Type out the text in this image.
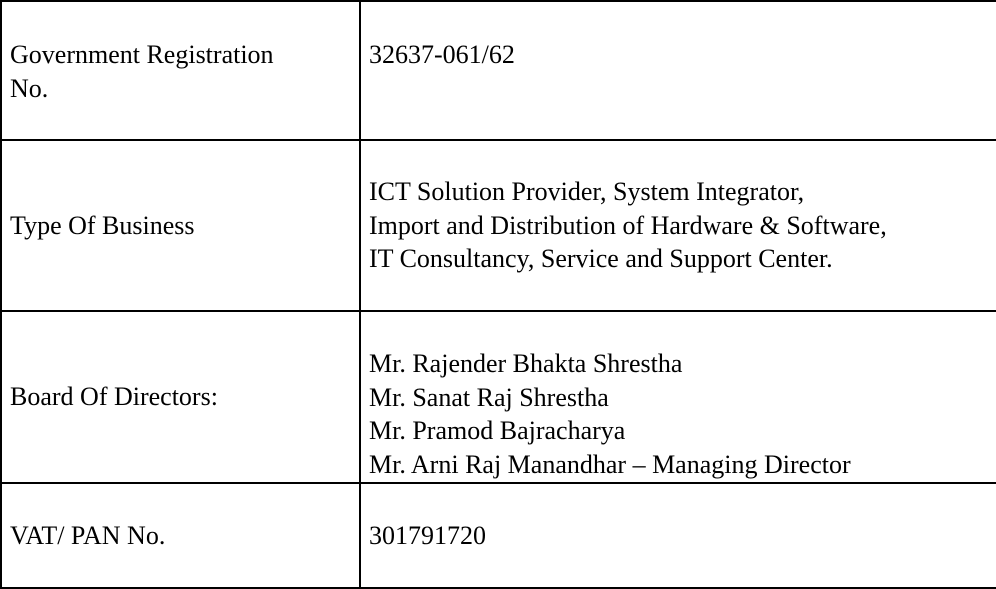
Government Registration
No.	32637-061/62

Type Of Business	ICT Solution Provider, System Integrator,
Import and Distribution of Hardware & Software,
IT Consultancy, Service and Support Center.

Board Of Directors:	Mr. Rajender Bhakta Shrestha
Mr. Sanat Raj Shrestha
Mr. Pramod Bajracharya
Mr. Arni Raj Manandhar – Managing Director

VAT/ PAN No.	301791720
